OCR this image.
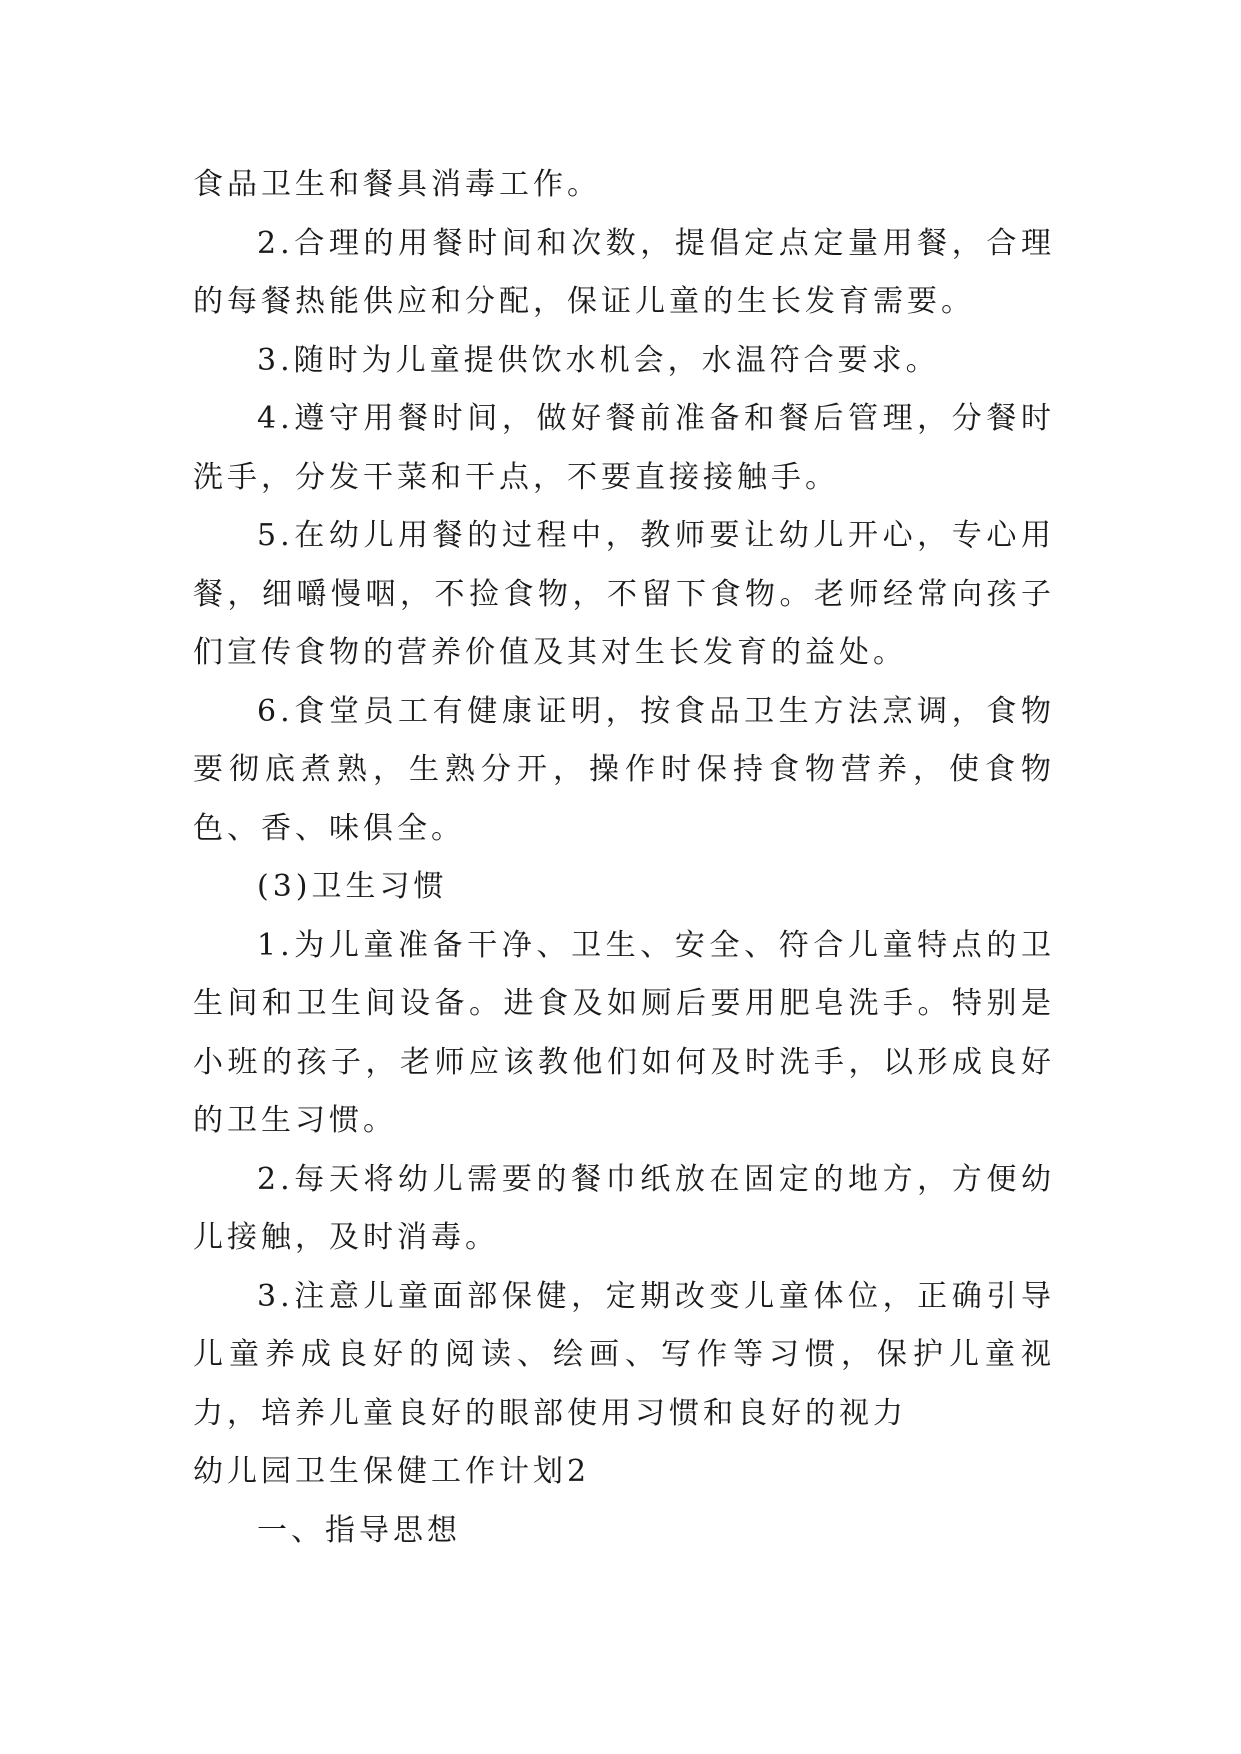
食品卫生和餐具消毒工作。

2.合理的用餐时间和次数，提倡定点定量用餐，合理的每餐热能供应和分配，保证儿童的生长发育需要。

3.随时为儿童提供饮水机会，水温符合要求。

4.遵守用餐时间，做好餐前准备和餐后管理，分餐时洗手，分发干菜和干点，不要直接接触手。

5.在幼儿用餐的过程中，教师要让幼儿开心，专心用餐，细嚼慢咽，不捡食物，不留下食物。老师经常向孩子们宣传食物的营养价值及其对生长发育的益处。

6.食堂员工有健康证明，按食品卫生方法烹调，食物要彻底煮熟，生熟分开，操作时保持食物营养，使食物色、香、味俱全。

(3)卫生习惯

1.为儿童准备干净、卫生、安全、符合儿童特点的卫生间和卫生间设备。进食及如厕后要用肥皂洗手。特别是小班的孩子，老师应该教他们如何及时洗手，以形成良好的卫生习惯。

2.每天将幼儿需要的餐巾纸放在固定的地方，方便幼儿接触，及时消毒。

3.注意儿童面部保健，定期改变儿童体位，正确引导儿童养成良好的阅读、绘画、写作等习惯，保护儿童视力，培养儿童良好的眼部使用习惯和良好的视力

幼儿园卫生保健工作计划2

一、指导思想
